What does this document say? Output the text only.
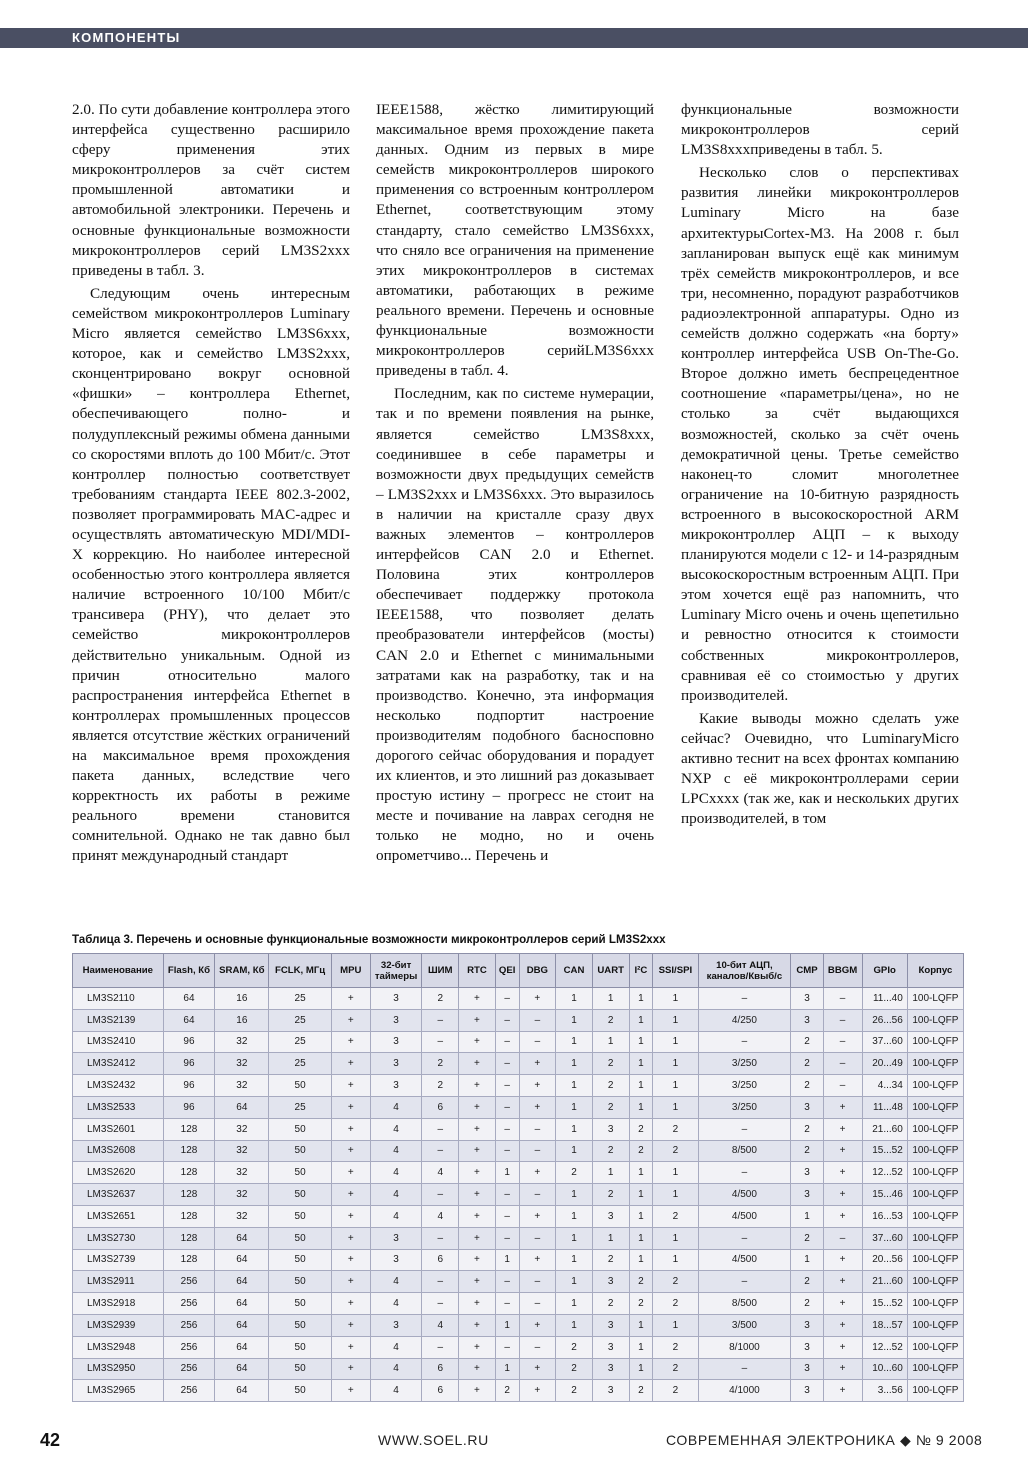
КОМПОНЕНТЫ

2.0. По сути добавление контроллера этого интерфейса существенно расширило сферу применения этих микроконтроллеров за счёт систем промышленной автоматики и автомобильной электроники. Перечень и основные функциональные возможности микроконтроллеров серий LM3S2xxx приведены в табл. 3.

Следующим очень интересным семейством микроконтроллеров Luminary Micro является семейство LM3S6xxx, которое, как и семейство LM3S2xxx, сконцентрировано вокруг основной «фишки» – контроллера Ethernet, обеспечивающего полно- и полудуплексный режимы обмена данными со скоростями вплоть до 100 Мбит/с. Этот контроллер полностью соответствует требованиям стандарта IEEE 802.3-2002, позволяет программировать MAC-адрес и осуществлять автоматическую MDI/MDI-X коррекцию. Но наиболее интересной особенностью этого контроллера является наличие встроенного 10/100 Мбит/с трансивера (PHY), что делает это семейство микроконтроллеров действительно уникальным. Одной из причин относительно малого распространения интерфейса Ethernet в контроллерах промышленных процессов является отсутствие жёстких ограничений на максимальное время прохождения пакета данных, вследствие чего корректность их работы в режиме реального времени становится сомнительной. Однако не так давно был принят международный стандарт

IEEE1588, жёстко лимитирующий максимальное время прохождение пакета данных. Одним из первых в мире семейств микроконтроллеров широкого применения со встроенным контроллером Ethernet, соответствующим этому стандарту, стало семейство LM3S6xxx, что сняло все ограничения на применение этих микроконтроллеров в системах автоматики, работающих в режиме реального времени. Перечень и основные функциональные возможности микроконтроллеров серийLM3S6xxx приведены в табл. 4.

Последним, как по системе нумерации, так и по времени появления на рынке, является семейство LM3S8xxx, соединившее в себе параметры и возможности двух предыдущих семейств – LM3S2xxx и LM3S6xxx. Это выразилось в наличии на кристалле сразу двух важных элементов – контроллеров интерфейсов CAN 2.0 и Ethernet. Половина этих контроллеров обеспечивает поддержку протокола IEEE1588, что позволяет делать преобразователи интерфейсов (мосты) CAN 2.0 и Ethernet с минимальными затратами как на разработку, так и на производство. Конечно, эта информация несколько подпортит настроение производителям подобного басносповно дорогого сейчас оборудования и порадует их клиентов, и это лишний раз доказывает простую истину – прогресс не стоит на месте и почивание на лаврах сегодня не только не модно, но и очень опрометчиво... Перечень и

функциональные возможности микроконтроллеров серий LM3S8xxxприведены в табл. 5.

Несколько слов о перспективах развития линейки микроконтроллеров Luminary Micro на базе архитектурыCortex-M3. На 2008 г. был запланирован выпуск ещё как минимум трёх семейств микроконтроллеров, и все три, несомненно, порадуют разработчиков радиоэлектронной аппаратуры. Одно из семейств должно содержать «на борту» контроллер интерфейса USB On-The-Go. Второе должно иметь беспрецедентное соотношение «параметры/цена», но не столько за счёт выдающихся возможностей, сколько за счёт очень демократичной цены. Третье семейство наконец-то сломит многолетнее ограничение на 10-битную разрядность встроенного в высокоскоростной ARM микроконтроллер АЦП – к выходу планируются модели с 12- и 14-разрядным высокоскоростным встроенным АЦП. При этом хочется ещё раз напомнить, что Luminary Micro очень и очень щепетильно и ревностно относится к стоимости собственных микроконтроллеров, сравнивая её со стоимостью у других производителей.

Какие выводы можно сделать уже сейчас? Очевидно, что LuminaryMicro активно теснит на всех фронтах компанию NXP с её микроконтроллерами серии LPCxxxx (так же, как и нескольких других производителей, в том

Таблица 3. Перечень и основные функциональные возможности микроконтроллеров серий LM3S2xxx
Наименование	Flash, Кб	SRAM, Кб	FCLK, МГц	MPU	32-бит таймеры	ШИМ	RTC	QEI	DBG	CAN	UART	I²C	SSI/SPI	10-бит АЦП, каналов/Квыб/с	CMP	BBGM	GPIo	Корпус
LM3S2110	64	16	25	+	3	2	+	–	+	1	1	1	1	–	3	–	11...40	100-LQFP
LM3S2139	64	16	25	+	3	–	+	–	–	1	2	1	1	4/250	3	–	26...56	100-LQFP
LM3S2410	96	32	25	+	3	–	+	–	–	1	1	1	1	–	2	–	37...60	100-LQFP
LM3S2412	96	32	25	+	3	2	+	–	+	1	2	1	1	3/250	2	–	20...49	100-LQFP
LM3S2432	96	32	50	+	3	2	+	–	+	1	2	1	1	3/250	2	–	4...34	100-LQFP
LM3S2533	96	64	25	+	4	6	+	–	+	1	2	1	1	3/250	3	+	11...48	100-LQFP
LM3S2601	128	32	50	+	4	–	+	–	–	1	3	2	2	–	2	+	21...60	100-LQFP
LM3S2608	128	32	50	+	4	–	+	–	–	1	2	2	2	8/500	2	+	15...52	100-LQFP
LM3S2620	128	32	50	+	4	4	+	1	+	2	1	1	1	–	3	+	12...52	100-LQFP
LM3S2637	128	32	50	+	4	–	+	–	–	1	2	1	1	4/500	3	+	15...46	100-LQFP
LM3S2651	128	32	50	+	4	4	+	–	+	1	3	1	2	4/500	1	+	16...53	100-LQFP
LM3S2730	128	64	50	+	3	–	+	–	–	1	1	1	1	–	2	–	37...60	100-LQFP
LM3S2739	128	64	50	+	3	6	+	1	+	1	2	1	1	4/500	1	+	20...56	100-LQFP
LM3S2911	256	64	50	+	4	–	+	–	–	1	3	2	2	–	2	+	21...60	100-LQFP
LM3S2918	256	64	50	+	4	–	+	–	–	1	2	2	2	8/500	2	+	15...52	100-LQFP
LM3S2939	256	64	50	+	3	4	+	1	+	1	3	1	1	3/500	3	+	18...57	100-LQFP
LM3S2948	256	64	50	+	4	–	+	–	–	2	3	1	2	8/1000	3	+	12...52	100-LQFP
LM3S2950	256	64	50	+	4	6	+	1	+	2	3	1	2	–	3	+	10...60	100-LQFP
LM3S2965	256	64	50	+	4	6	+	2	+	2	3	2	2	4/1000	3	+	3...56	100-LQFP
42	WWW.SOEL.RU	СОВРЕМЕННАЯ ЭЛЕКТРОНИКА ◆ № 9 2008
